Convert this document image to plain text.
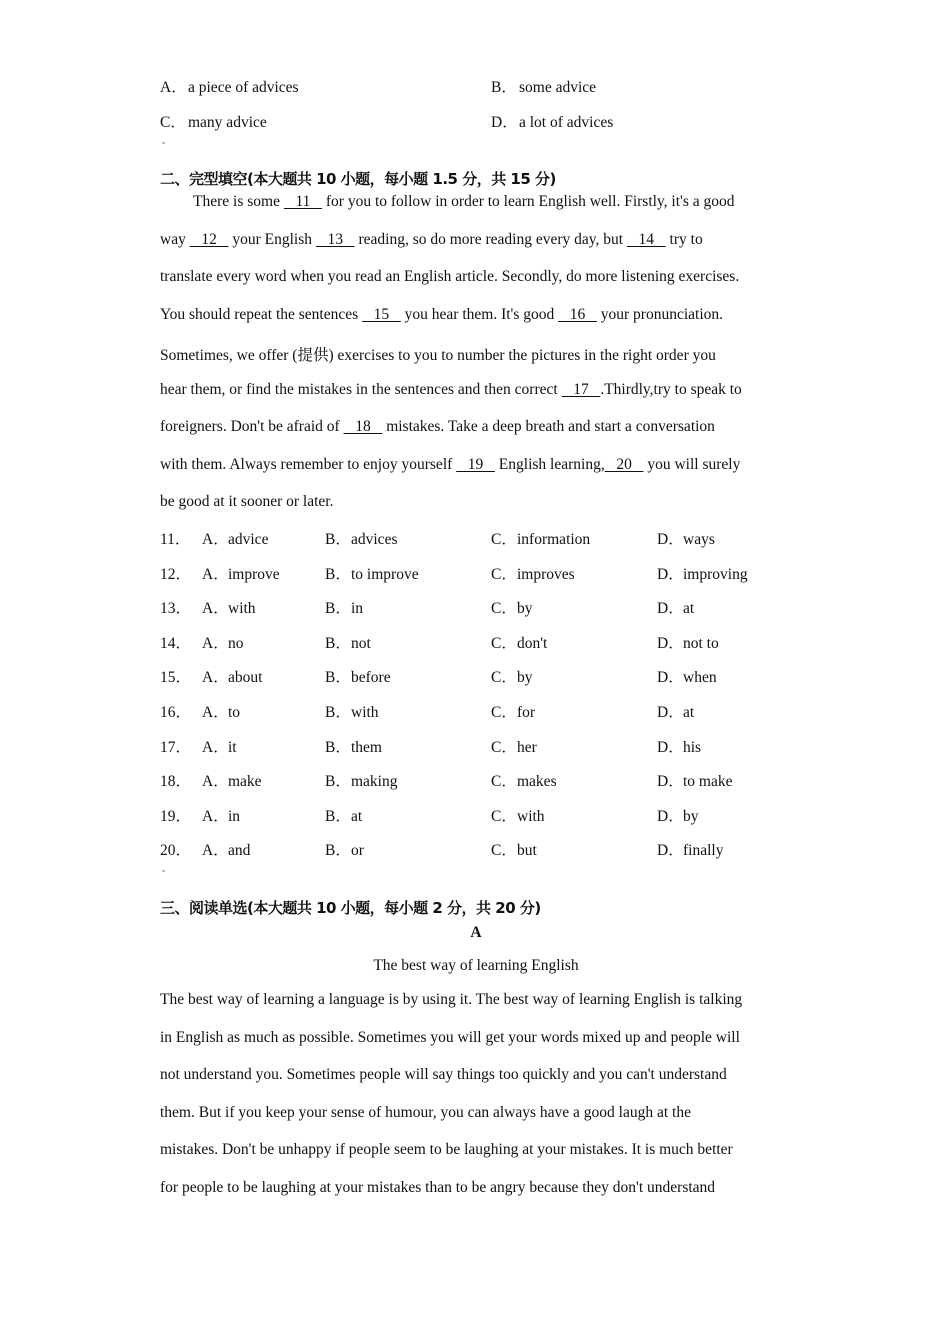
A．a piece of advices	B． some advice
C． many advice	D．a lot of advices
二、完型填空(本大题共 10 小题，每小题 1.5 分，共 15 分)
There is some    11    for you to follow in order to learn English well. Firstly, it's a good
way    12    your English    13    reading, so do more reading every day, but    14    try to
translate every word when you read an English article. Secondly, do more listening exercises.
You should repeat the sentences    15    you hear them. It's good    16    your pronunciation.
Sometimes, we offer (提供) exercises to you to number the pictures in the right order you
hear them, or find the mistakes in the sentences and then correct    17   .Thirdly,try to speak to
foreigners. Don't be afraid of    18    mistakes. Take a deep breath and start a conversation
with them. Always remember to enjoy yourself    19    English learning,   20    you will surely
be good at it sooner or later.
11． A．advice	B．advices	C．information	D．ways
12． A．improve	B．to improve	C．improves	D．improving
13． A．with	B．in	C．by	D．at
14． A．no	B．not	C．don't	D．not to
15． A．about	B．before	C．by	D．when
16． A．to	B．with	C．for	D．at
17． A．it	B．them	C．her	D．his
18． A．make	B．making	C．makes	D．to make
19． A．in	B．at	C．with	D．by
20． A．and	B．or	C．but	D．finally
三、阅读单选(本大题共 10 小题，每小题 2 分，共 20 分)
A
The best way of learning English
The best way of learning a language is by using it. The best way of learning English is talking
in English as much as possible. Sometimes you will get your words mixed up and people will
not understand you. Sometimes people will say things too quickly and you can't understand
them. But if you keep your sense of humour, you can always have a good laugh at the
mistakes. Don't be unhappy if people seem to be laughing at your mistakes. It is much better
for people to be laughing at your mistakes than to be angry because they don't understand
